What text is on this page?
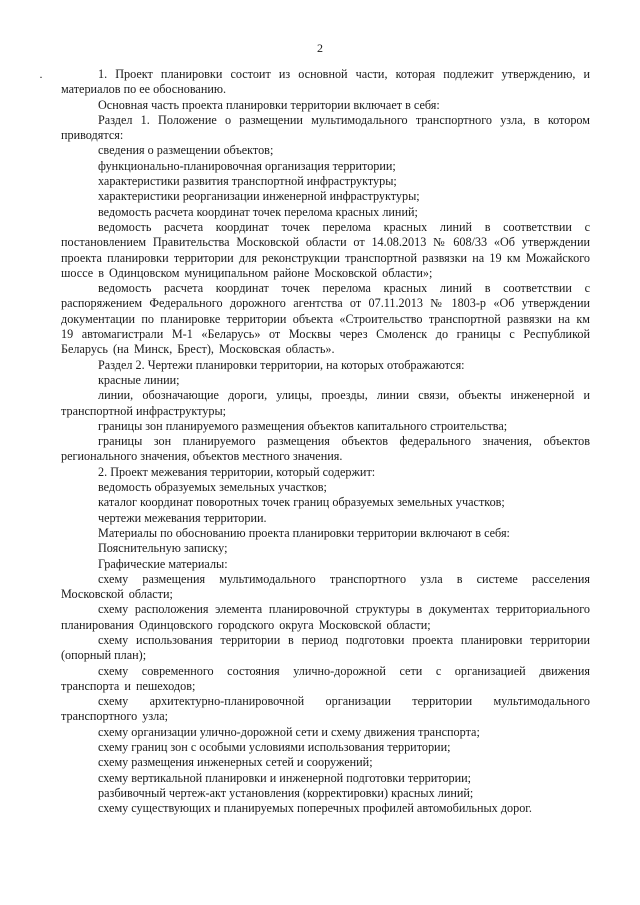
2
·	1. Проект планировки состоит из основной части, которая подлежит утверждению, и материалов по ее обоснованию.

Основная часть проекта планировки территории включает в себя:

Раздел 1. Положение о размещении мультимодального транспортного узла, в котором приводятся:

сведения о размещении объектов;

функционально-планировочная организация территории;

характеристики развития транспортной инфраструктуры;

характеристики реорганизации инженерной инфраструктуры;

ведомость расчета координат точек перелома красных линий;

ведомость расчета координат точек перелома красных линий в соответствии с постановлением Правительства Московской области от 14.08.2013 № 608/33 «Об утверждении проекта планировки территории для реконструкции транспортной развязки на 19 км Можайского шоссе в Одинцовском муниципальном районе Московской области»;

ведомость расчета координат точек перелома красных линий в соответствии с распоряжением Федерального дорожного агентства от 07.11.2013 № 1803-р «Об утверждении документации по планировке территории объекта «Строительство транспортной развязки на км 19 автомагистрали М-1 «Беларусь» от Москвы через Смоленск до границы с Республикой Беларусь (на Минск, Брест), Московская область».

Раздел 2. Чертежи планировки территории, на которых отображаются:

красные линии;

линии, обозначающие дороги, улицы, проезды, линии связи, объекты инженерной и транспортной инфраструктуры;

границы зон планируемого размещения объектов капитального строительства;

границы зон планируемого размещения объектов федерального значения, объектов регионального значения, объектов местного значения.

2. Проект межевания территории, который содержит:

ведомость образуемых земельных участков;

каталог координат поворотных точек границ образуемых земельных участков;

чертежи межевания территории.

Материалы по обоснованию проекта планировки территории включают в себя:

Пояснительную записку;

Графические материалы:

схему размещения мультимодального транспортного узла в системе расселения Московской области;

схему расположения элемента планировочной структуры в документах территориального планирования Одинцовского городского округа Московской области;

схему использования территории в период подготовки проекта планировки территории (опорный план);

схему современного состояния улично-дорожной сети с организацией движения транспорта и пешеходов;

схему архитектурно-планировочной организации территории мультимодального транспортного узла;

схему организации улично-дорожной сети и схему движения транспорта;

схему границ зон с особыми условиями использования территории;

схему размещения инженерных сетей и сооружений;

схему вертикальной планировки и инженерной подготовки территории;

разбивочный чертеж-акт установления (корректировки) красных линий;

схему существующих и планируемых поперечных профилей автомобильных дорог.
